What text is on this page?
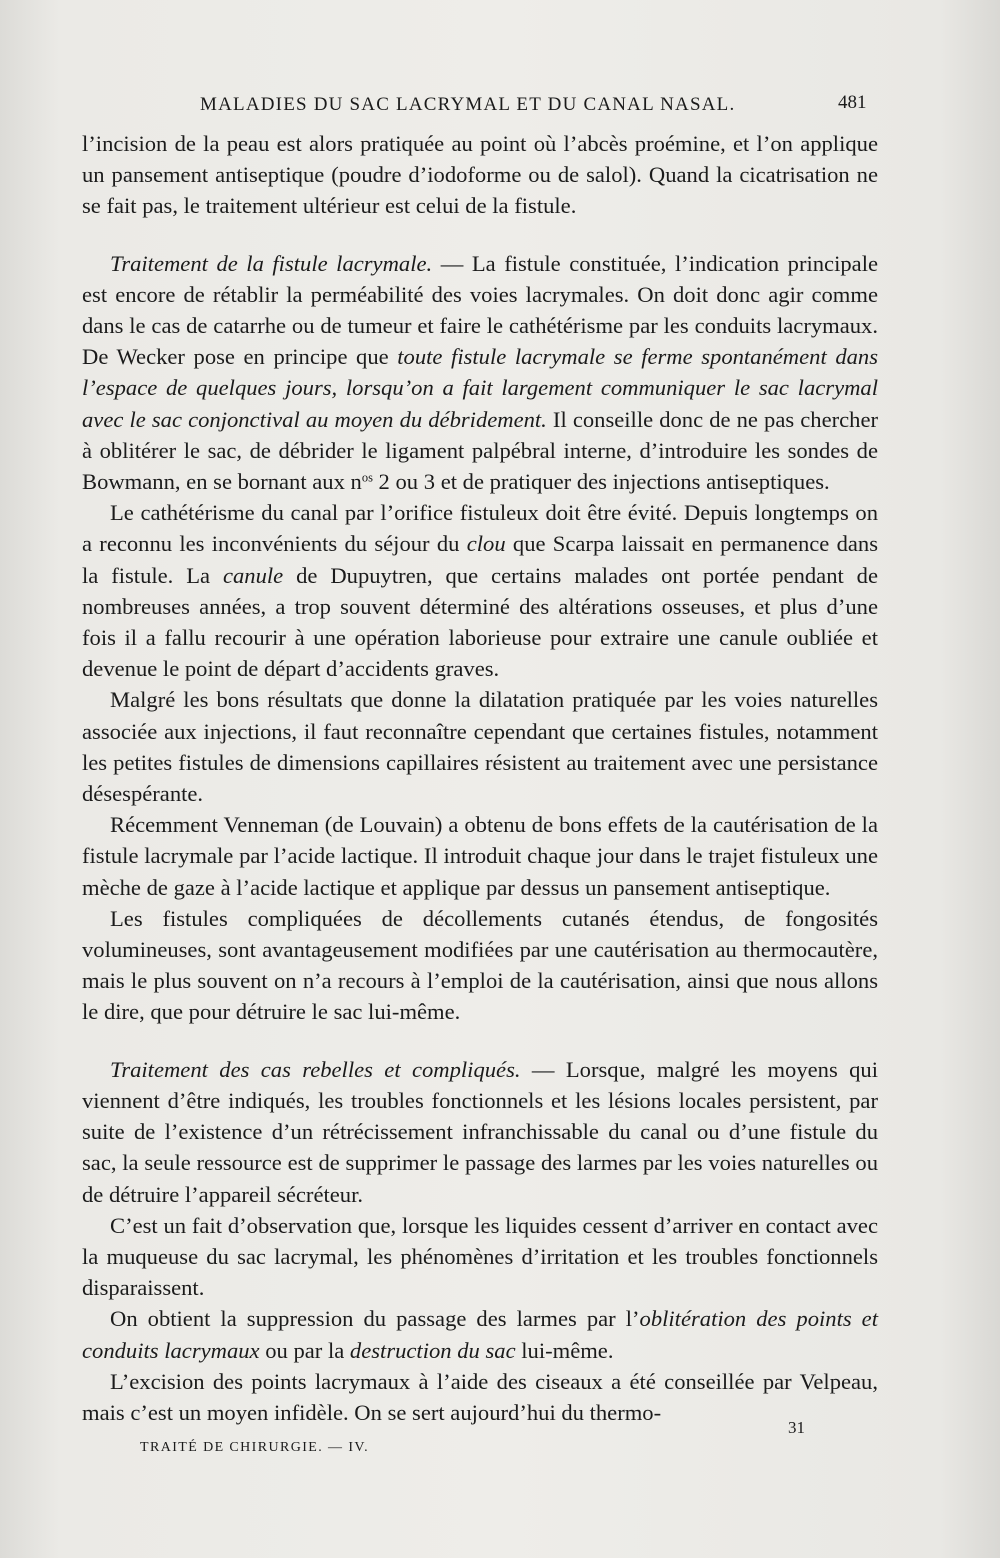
MALADIES DU SAC LACRYMAL ET DU CANAL NASAL.	481

l’incision de la peau est alors pratiquée au point où l’abcès proémine, et l’on applique un pansement antiseptique (poudre d’iodoforme ou de salol). Quand la cicatrisation ne se fait pas, le traitement ultérieur est celui de la fistule.

Traitement de la fistule lacrymale. — La fistule constituée, l’indication principale est encore de rétablir la perméabilité des voies lacrymales. On doit donc agir comme dans le cas de catarrhe ou de tumeur et faire le cathétérisme par les conduits lacrymaux. De Wecker pose en principe que toute fistule lacrymale se ferme spontanément dans l’espace de quelques jours, lorsqu’on a fait largement communiquer le sac lacrymal avec le sac conjonctival au moyen du débridement. Il conseille donc de ne pas chercher à oblitérer le sac, de débrider le ligament palpébral interne, d’introduire les sondes de Bowmann, en se bornant aux $n^{os}$ 2 ou 3 et de pratiquer des injections antiseptiques.

Le cathétérisme du canal par l’orifice fistuleux doit être évité. Depuis longtemps on a reconnu les inconvénients du séjour du clou que Scarpa laissait en permanence dans la fistule. La canule de Dupuytren, que certains malades ont portée pendant de nombreuses années, a trop souvent déterminé des altérations osseuses, et plus d’une fois il a fallu recourir à une opération laborieuse pour extraire une canule oubliée et devenue le point de départ d’accidents graves.

Malgré les bons résultats que donne la dilatation pratiquée par les voies naturelles associée aux injections, il faut reconnaître cependant que certaines fistules, notamment les petites fistules de dimensions capillaires résistent au traitement avec une persistance désespérante.

Récemment Venneman (de Louvain) a obtenu de bons effets de la cautérisation de la fistule lacrymale par l’acide lactique. Il introduit chaque jour dans le trajet fistuleux une mèche de gaze à l’acide lactique et applique par dessus un pansement antiseptique.

Les fistules compliquées de décollements cutanés étendus, de fongosités volumineuses, sont avantageusement modifiées par une cautérisation au thermocautère, mais le plus souvent on n’a recours à l’emploi de la cautérisation, ainsi que nous allons le dire, que pour détruire le sac lui-même.

Traitement des cas rebelles et compliqués. — Lorsque, malgré les moyens qui viennent d’être indiqués, les troubles fonctionnels et les lésions locales persistent, par suite de l’existence d’un rétrécissement infranchissable du canal ou d’une fistule du sac, la seule ressource est de supprimer le passage des larmes par les voies naturelles ou de détruire l’appareil sécréteur.

C’est un fait d’observation que, lorsque les liquides cessent d’arriver en contact avec la muqueuse du sac lacrymal, les phénomènes d’irritation et les troubles fonctionnels disparaissent.

On obtient la suppression du passage des larmes par l’oblitération des points et conduits lacrymaux ou par la destruction du sac lui-même.

L’excision des points lacrymaux à l’aide des ciseaux a été conseillée par Velpeau, mais c’est un moyen infidèle. On se sert aujourd’hui du thermo-

31
TRAITÉ DE CHIRURGIE. — IV.
